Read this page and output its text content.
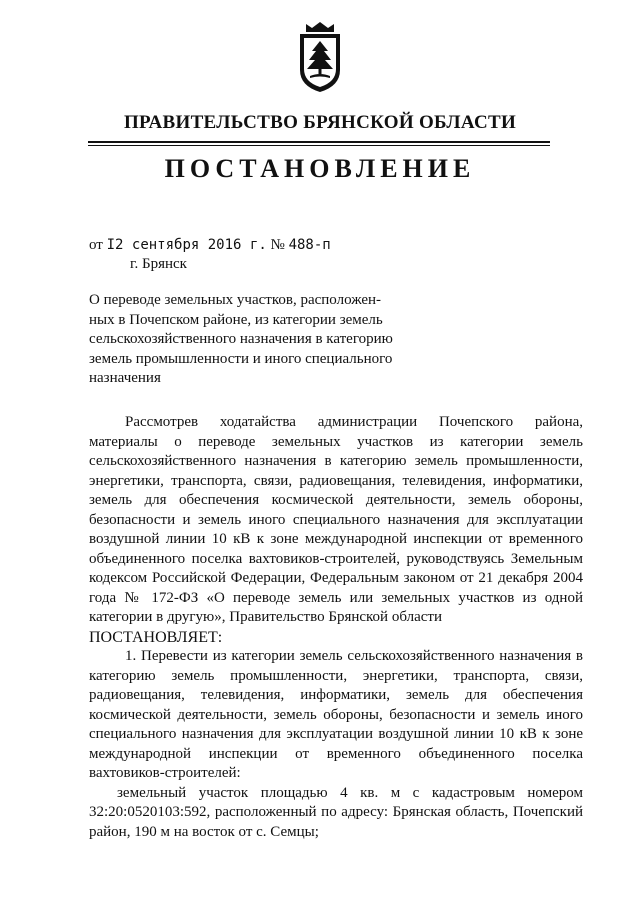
ПРАВИТЕЛЬСТВО БРЯНСКОЙ ОБЛАСТИ
ПОСТАНОВЛЕНИЕ
от I2 сентября 2016 г. № 488-п
г. Брянск
О переводе земельных участков, расположен-
ных в Почепском районе, из категории земель
сельскохозяйственного назначения в категорию
земель промышленности и иного специального
назначения

Рассмотрев ходатайства администрации Почепского района, материалы о переводе земельных участков из категории земель сельскохозяйственного назначения в категорию земель промышленности, энергетики, транспорта, связи, радиовещания, телевидения, информатики, земель для обеспечения космической деятельности, земель обороны, безопасности и земель иного специального назначения для эксплуатации воздушной линии 10 кВ к зоне международной инспекции от временного объединенного поселка вахтовиков-строителей, руководствуясь Земельным кодексом Российской Федерации, Федеральным законом от 21 декабря 2004 года № 172-ФЗ «О переводе земель или земельных участков из одной категории в другую», Правительство Брянской области

ПОСТАНОВЛЯЕТ:

1. Перевести из категории земель сельскохозяйственного назначения в категорию земель промышленности, энергетики, транспорта, связи, радиовещания, телевидения, информатики, земель для обеспечения космической деятельности, земель обороны, безопасности и земель иного специального назначения для эксплуатации воздушной линии 10 кВ к зоне международной инспекции от временного объединенного поселка вахтовиков-строителей:

земельный участок площадью 4 кв. м с кадастровым номером 32:20:0520103:592, расположенный по адресу: Брянская область, Почепский район, 190 м на восток от с. Семцы;
